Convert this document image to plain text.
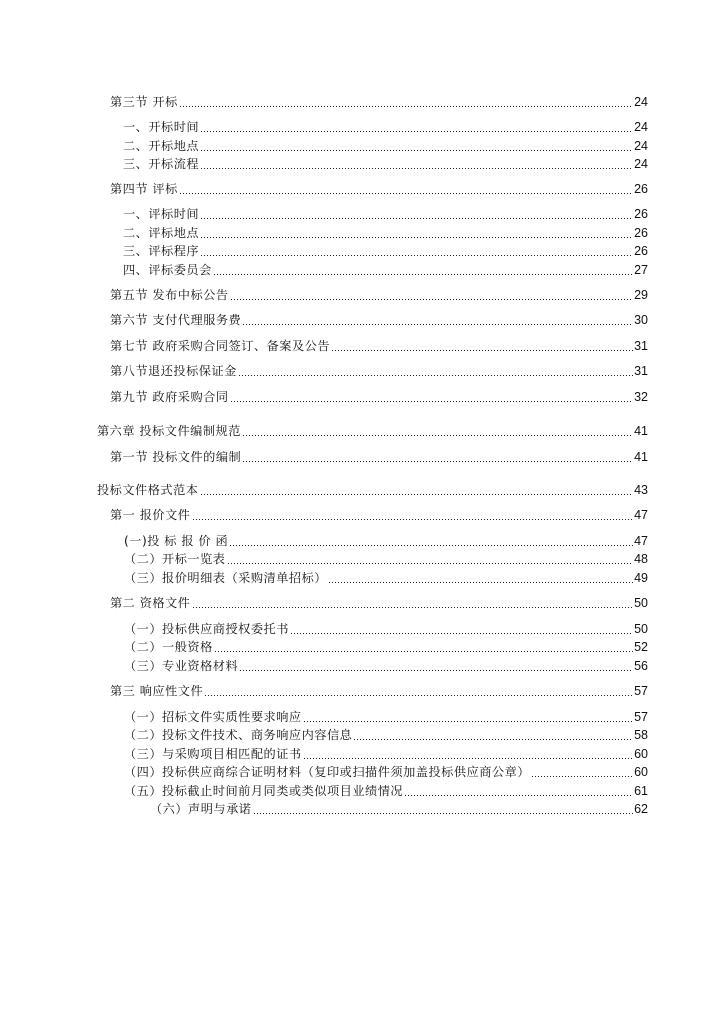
第三节 开标	24
一、开标时间	24
二、开标地点	24
三、开标流程	24
第四节 评标	26
一、评标时间	26
二、评标地点	26
三、评标程序	26
四、评标委员会	27
第五节 发布中标公告	29
第六节 支付代理服务费	30
第七节 政府采购合同签订、备案及公告	31
第八节退还投标保证金	31
第九节 政府采购合同	32
第六章 投标文件编制规范	41
第一节 投标文件的编制	41
投标文件格式范本	43
第一 报价文件	47
(一)投 标 报 价 函	47
（二）开标一览表	48
（三）报价明细表（采购清单招标）	49
第二 资格文件	50
（一）投标供应商授权委托书	50
（二）一般资格	52
（三）专业资格材料	56
第三 响应性文件	57
（一）招标文件实质性要求响应	57
（二）投标文件技术、商务响应内容信息	58
（三）与采购项目相匹配的证书	60
（四）投标供应商综合证明材料（复印或扫描件须加盖投标供应商公章）	60
（五）投标截止时间前月同类或类似项目业绩情况	61
（六）声明与承诺	62
